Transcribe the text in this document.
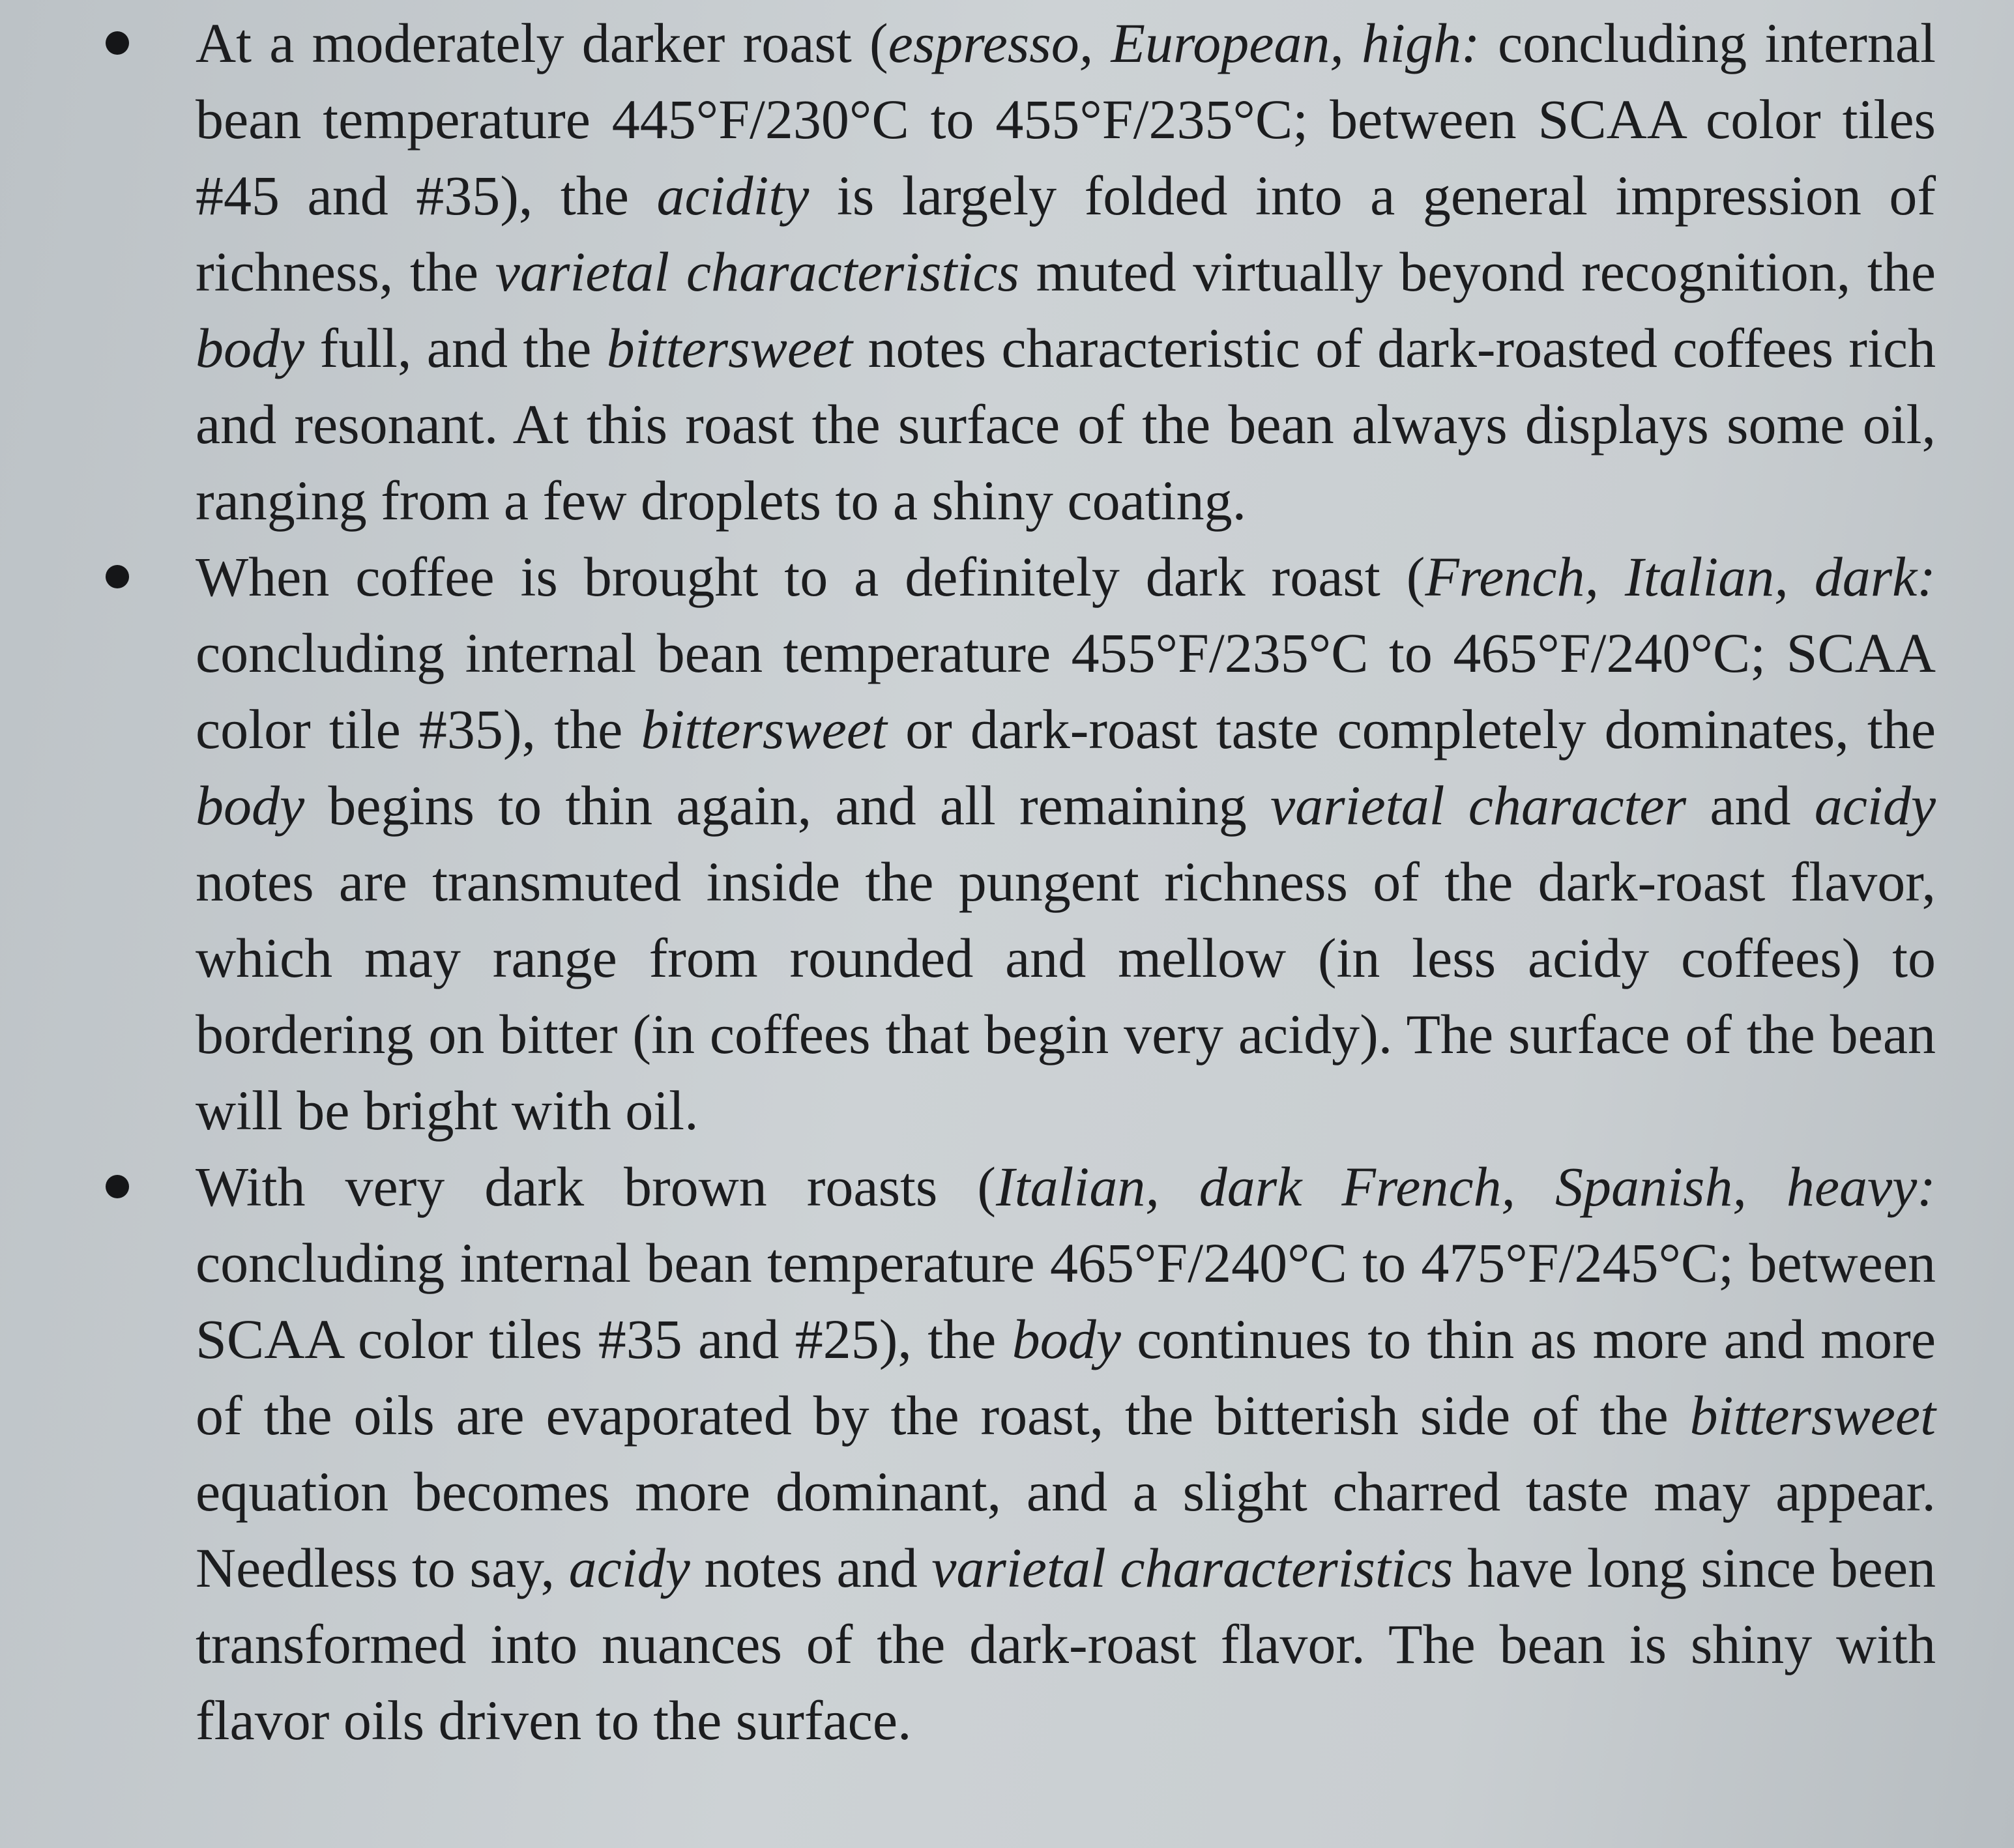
At a moderately darker roast (espresso, European, high: concluding internal bean temperature 445°F/230°C to 455°F/235°C; between SCAA color tiles #45 and #35), the acidity is largely folded into a general impression of richness, the varietal characteristics muted virtually beyond recognition, the body full, and the bittersweet notes characteristic of dark-roasted coffees rich and resonant. At this roast the surface of the bean always displays some oil, ranging from a few droplets to a shiny coating.
When coffee is brought to a definitely dark roast (French, Italian, dark: concluding internal bean temperature 455°F/235°C to 465°F/240°C; SCAA color tile #35), the bittersweet or dark-roast taste completely dominates, the body begins to thin again, and all remaining varietal character and acidy notes are transmuted inside the pungent richness of the dark-roast flavor, which may range from rounded and mellow (in less acidy coffees) to bordering on bitter (in coffees that begin very acidy). The surface of the bean will be bright with oil.
With very dark brown roasts (Italian, dark French, Spanish, heavy: concluding internal bean temperature 465°F/240°C to 475°F/245°C; between SCAA color tiles #35 and #25), the body continues to thin as more and more of the oils are evaporated by the roast, the bitterish side of the bittersweet equation becomes more dominant, and a slight charred taste may appear. Needless to say, acidy notes and varietal characteristics have long since been transformed into nuances of the dark-roast flavor. The bean is shiny with flavor oils driven to the surface.
